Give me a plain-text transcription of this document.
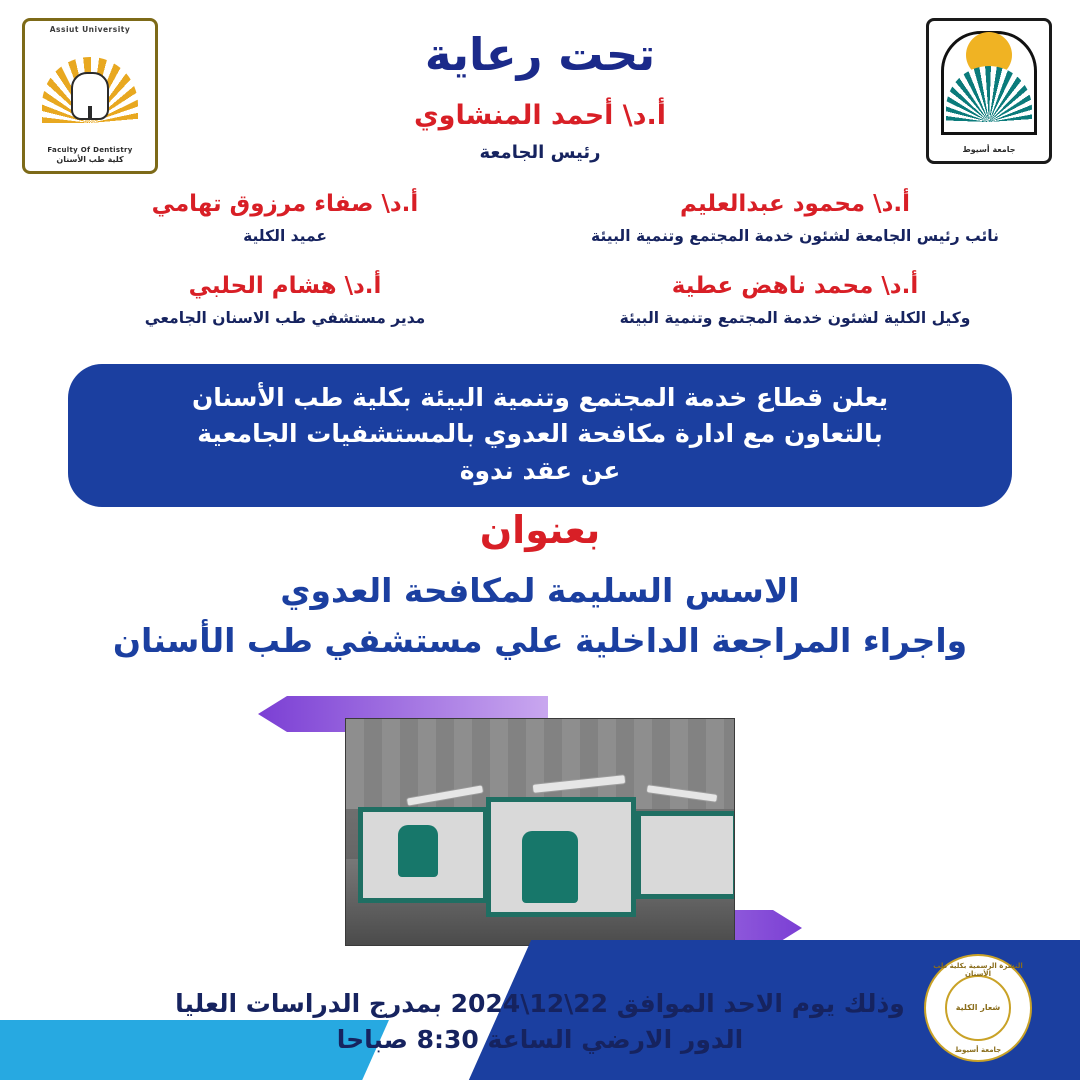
Assiut University
Faculty Of Dentistry
كلية طب الأسنان
جامعة أسيوط
تحت رعاية
أ.د\ أحمد المنشاوي
رئيس الجامعة
أ.د\ محمود عبدالعليم
نائب رئيس الجامعة لشئون خدمة المجتمع وتنمية البيئة
أ.د\ صفاء مرزوق تهامي
عميد الكلية
أ.د\ محمد ناهض عطية
وكيل الكلية لشئون خدمة المجتمع وتنمية البيئة
أ.د\ هشام الحلبي
مدير مستشفي طب الاسنان الجامعي
يعلن قطاع خدمة المجتمع وتنمية البيئة بكلية طب الأسنان
بالتعاون مع ادارة مكافحة العدوي بالمستشفيات الجامعية
عن عقد ندوة
بعنوان
الاسس السليمة لمكافحة العدوي
واجراء المراجعة الداخلية علي مستشفي طب الأسنان
وذلك يوم الاحد الموافق 22\12\2024 بمدرج الدراسات العليا
الدور الارضي الساعة 8:30 صباحا
النشرة الرسمية بكلية طب الأسنان
شعار الكلية
جامعة أسيوط
